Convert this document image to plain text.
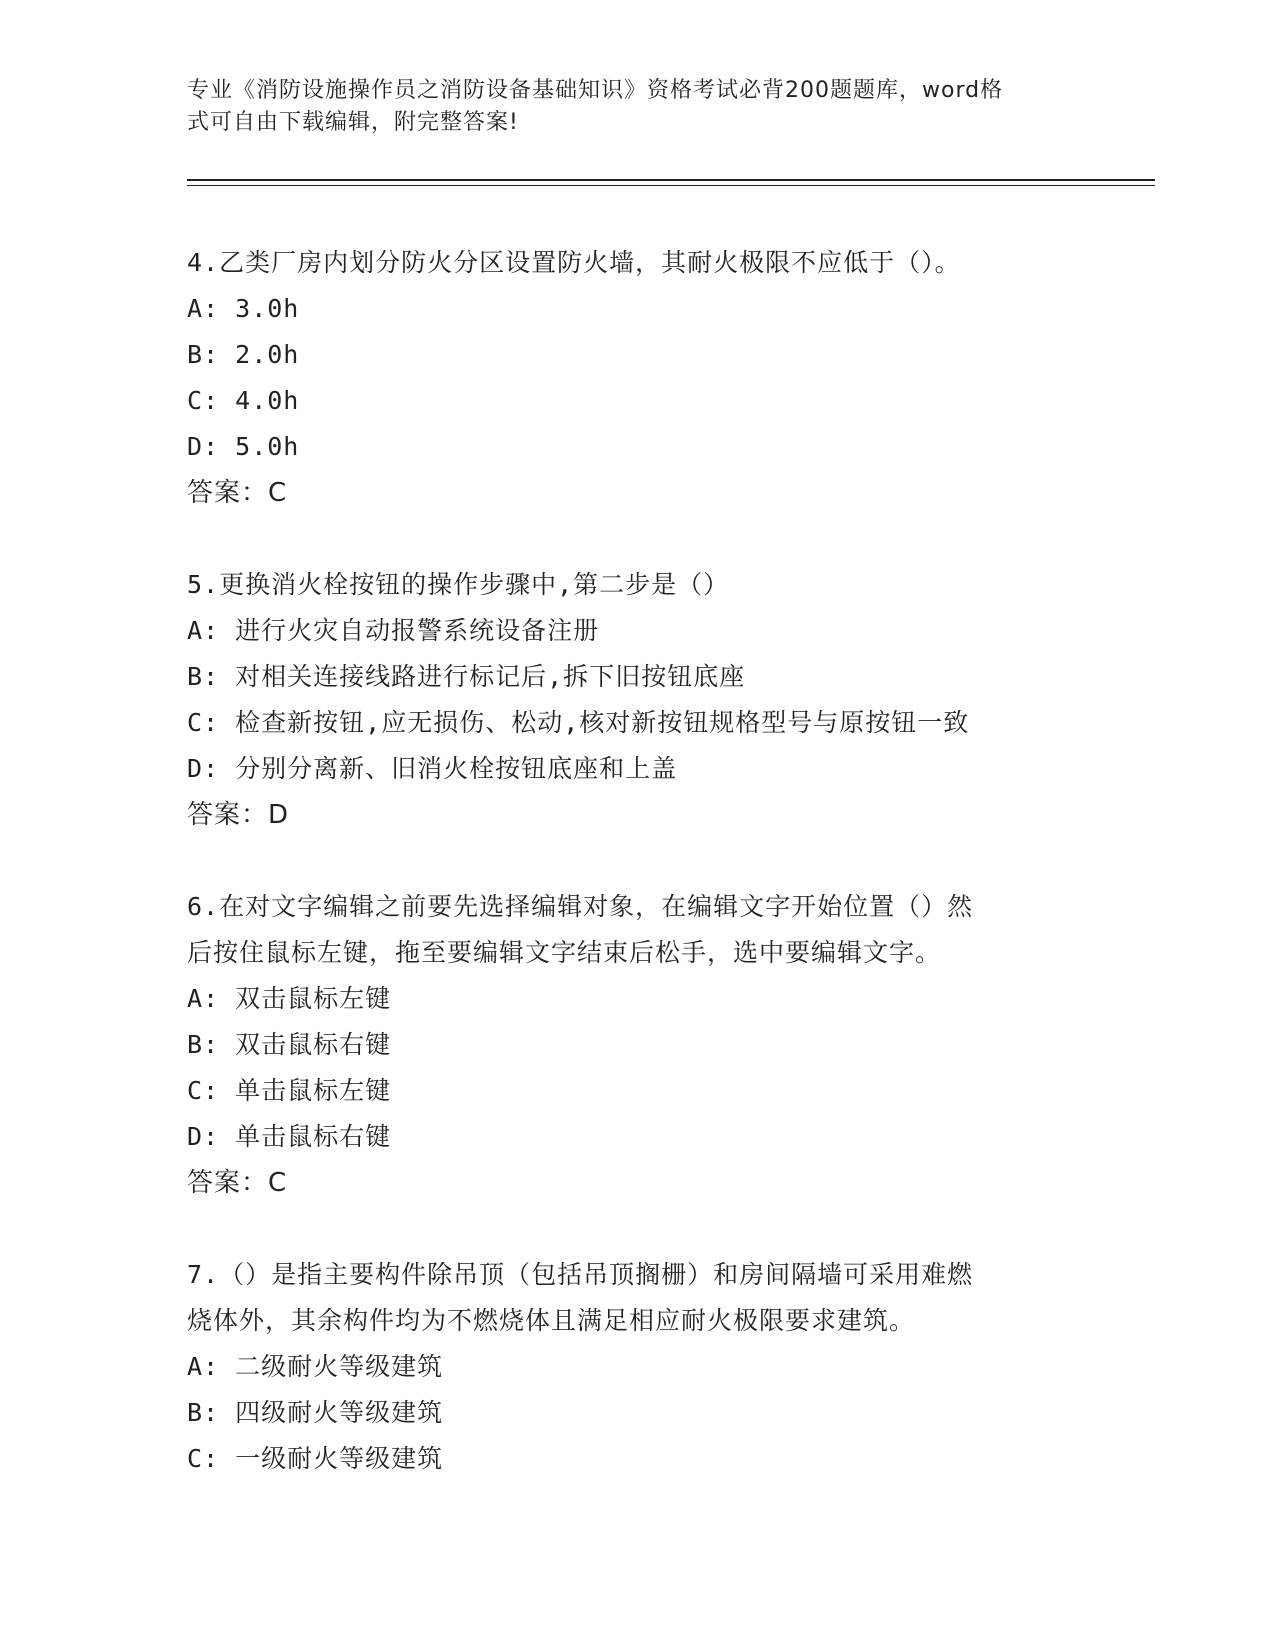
专业《消防设施操作员之消防设备基础知识》资格考试必背200题题库，word格
式可自由下载编辑，附完整答案!
4.乙类厂房内划分防火分区设置防火墙，其耐火极限不应低于（）。
A: 3.0h
B: 2.0h
C: 4.0h
D: 5.0h
答案：C
5.更换消火栓按钮的操作步骤中,第二步是（）
A: 进行火灾自动报警系统设备注册
B: 对相关连接线路进行标记后,拆下旧按钮底座
C: 检查新按钮,应无损伤、松动,核对新按钮规格型号与原按钮一致
D: 分别分离新、旧消火栓按钮底座和上盖
答案：D
6.在对文字编辑之前要先选择编辑对象，在编辑文字开始位置（）然
后按住鼠标左键，拖至要编辑文字结束后松手，选中要编辑文字。
A: 双击鼠标左键
B: 双击鼠标右键
C: 单击鼠标左键
D: 单击鼠标右键
答案：C
7.（）是指主要构件除吊顶（包括吊顶搁栅）和房间隔墙可采用难燃
烧体外，其余构件均为不燃烧体且满足相应耐火极限要求建筑。
A: 二级耐火等级建筑
B: 四级耐火等级建筑
C: 一级耐火等级建筑
